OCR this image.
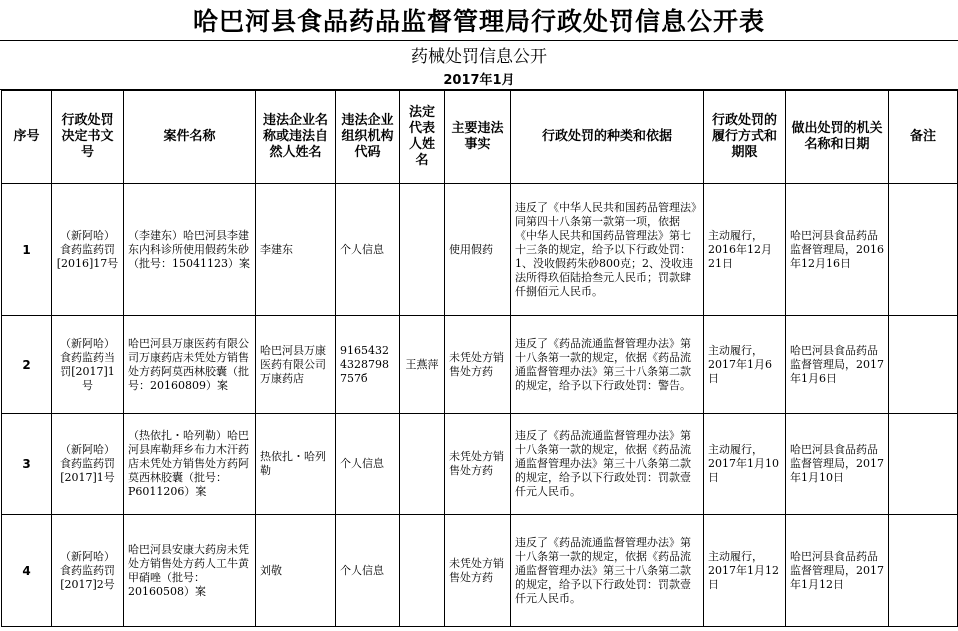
哈巴河县食品药品监督管理局行政处罚信息公开表
药械处罚信息公开
2017年1月
序号	行政处罚决定书文号	案件名称	违法企业名称或违法自然人姓名	违法企业组织机构代码	法定代表人姓名	主要违法事实	行政处罚的种类和依据	行政处罚的履行方式和期限	做出处罚的机关名称和日期	备注
1	（新阿哈）食药监药罚[2016]17号	（李建东）哈巴河县李建东内科诊所使用假药朱砂（批号：15041123）案	李建东	个人信息		使用假药	违反了《中华人民共和国药品管理法》同第四十八条第一款第一项，依据《中华人民共和国药品管理法》第七十三条的规定，给予以下行政处罚：1、没收假药朱砂800克；2、没收违法所得玖佰陆拾叁元人民币；罚款肆仟捌佰元人民币。	主动履行，2016年12月21日	哈巴河县食品药品监督管理局，2016年12月16日	
2	（新阿哈）食药监药当罚[2017]1号	哈巴河县万康医药有限公司万康药店未凭处方销售处方药阿莫西林胶囊（批号：20160809）案	哈巴河县万康医药有限公司万康药店	91654324328798757б	王燕萍	未凭处方销售处方药	违反了《药品流通监督管理办法》第十八条第一款的规定，依据《药品流通监督管理办法》第三十八条第二款的规定，给予以下行政处罚：警告。	主动履行，2017年1月6日	哈巴河县食品药品监督管理局，2017年1月6日	
3	（新阿哈）食药监药罚[2017]1号	（热依扎・哈列勒）哈巴河县库勒拜乡布力木汗药店未凭处方销售处方药阿莫西林胶囊（批号：P6011206）案	热依扎・哈列勒	个人信息		未凭处方销售处方药	违反了《药品流通监督管理办法》第十八条第一款的规定，依据《药品流通监督管理办法》第三十八条第二款的规定，给予以下行政处罚：罚款壹仟元人民币。	主动履行，2017年1月10日	哈巴河县食品药品监督管理局，2017年1月10日	
4	（新阿哈）食药监药罚[2017]2号	哈巴河县安康大药房未凭处方销售处方药人工牛黄甲硝唑（批号：20160508）案	刘敬	个人信息		未凭处方销售处方药	违反了《药品流通监督管理办法》第十八条第一款的规定，依据《药品流通监督管理办法》第三十八条第二款的规定，给予以下行政处罚：罚款壹仟元人民币。	主动履行，2017年1月12日	哈巴河县食品药品监督管理局，2017年1月12日	
